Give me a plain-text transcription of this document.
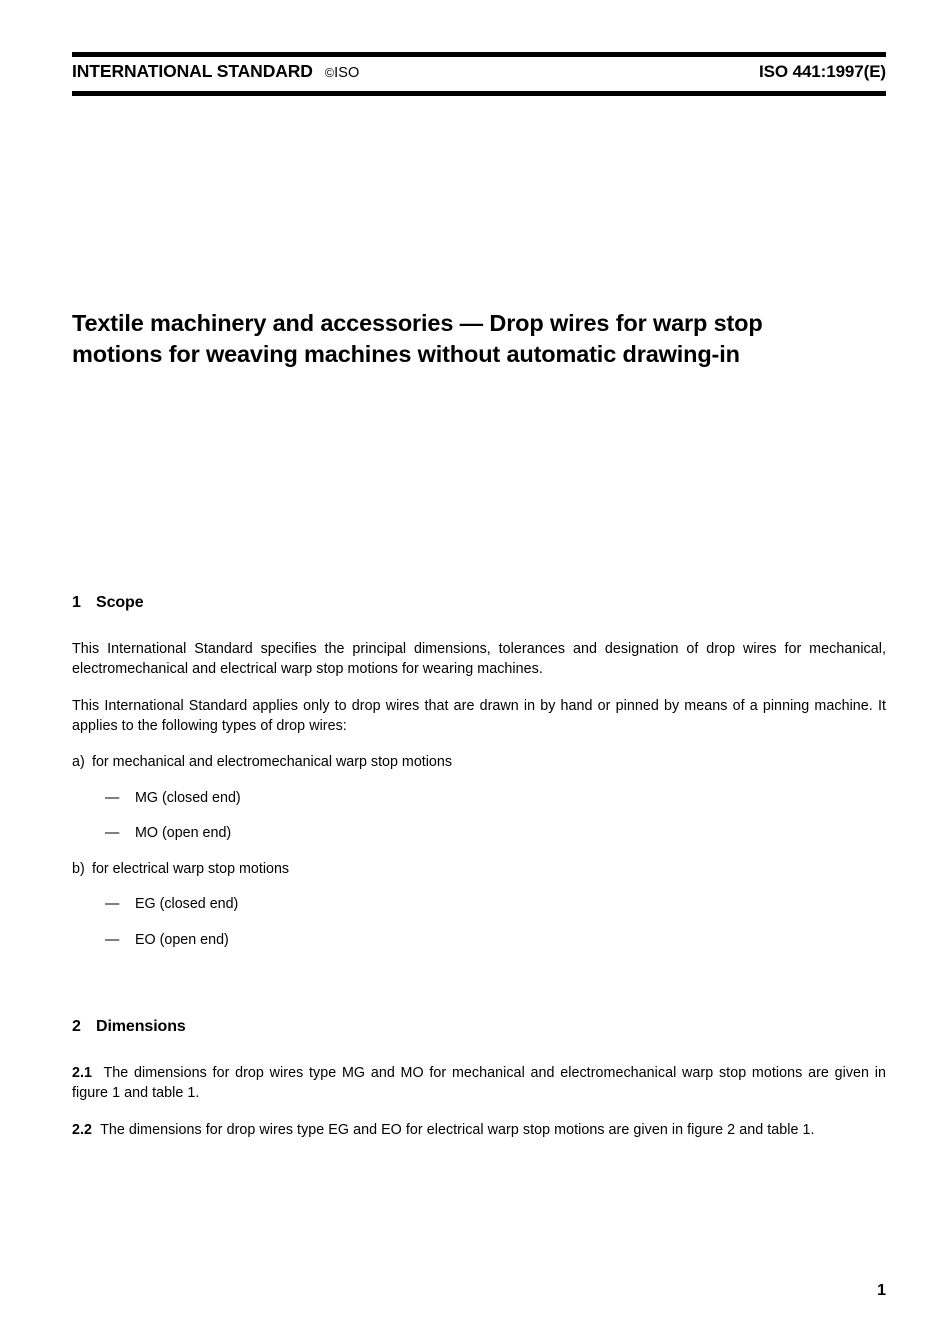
INTERNATIONAL STANDARD ©ISO	ISO 441:1997(E)
Textile machinery and accessories — Drop wires for warp stop motions for weaving machines without automatic drawing-in
1 Scope

This International Standard specifies the principal dimensions, tolerances and designation of drop wires for mechanical, electromechanical and electrical warp stop motions for wearing machines.

This International Standard applies only to drop wires that are drawn in by hand or pinned by means of a pinning machine. It applies to the following types of drop wires:

a) for mechanical and electromechanical warp stop motions
—	MG (closed end)
—	MO (open end)
b) for electrical warp stop motions
—	EG (closed end)
—	EO (open end)
2 Dimensions

2.1 The dimensions for drop wires type MG and MO for mechanical and electromechanical warp stop motions are given in figure 1 and table 1.

2.2 The dimensions for drop wires type EG and EO for electrical warp stop motions are given in figure 2 and table 1.

1
